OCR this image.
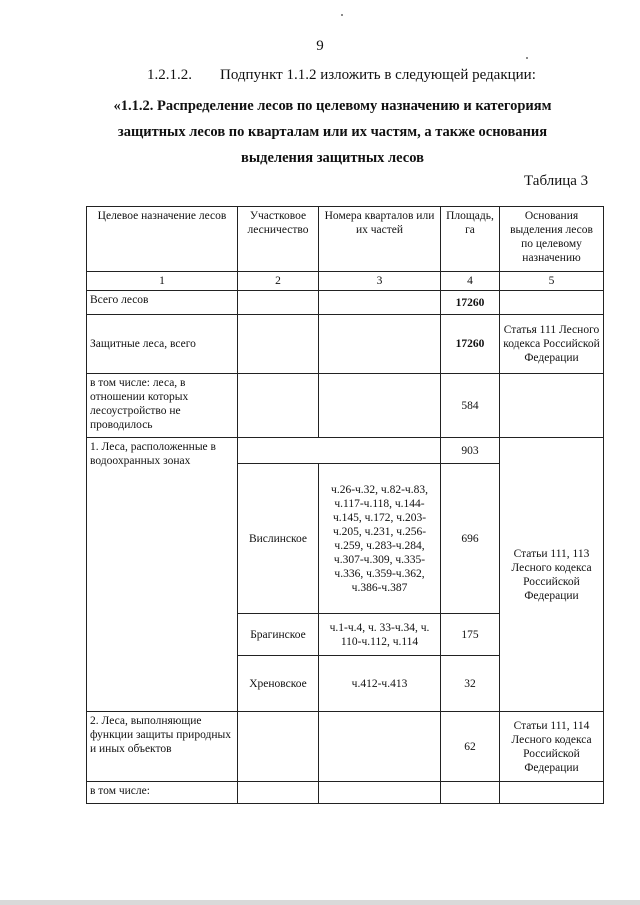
9
1.2.1.2. Подпункт 1.1.2 изложить в следующей редакции:
«1.1.2. Распределение лесов по целевому назначению и категориям
защитных лесов по кварталам или их частям, а также основания
выделения защитных лесов
Таблица 3
Целевое назначение лесов	Участковое лесничество	Номера кварталов или их частей	Площадь, га	Основания выделения лесов по целевому назначению
1	2	3	4	5
Всего лесов			17260	
Защитные леса, всего			17260	Статья 111 Лесного кодекса Российской Федерации
в том числе: леса, в отношении которых лесоустройство не проводилось			584	
1. Леса, расположенные в водоохранных зонах			903	Статьи 111, 113 Лесного кодекса Российской Федерации
	Вислинское	ч.26-ч.32, ч.82-ч.83, ч.117-ч.118, ч.144-ч.145, ч.172, ч.203-ч.205, ч.231, ч.256-ч.259, ч.283-ч.284, ч.307-ч.309, ч.335-ч.336, ч.359-ч.362, ч.386-ч.387	696	
	Брагинское	ч.1-ч.4, ч. 33-ч.34, ч. 110-ч.112, ч.114	175	
	Хреновское	ч.412-ч.413	32	
2. Леса, выполняющие функции защиты природных и иных объектов			62	Статьи 111, 114 Лесного кодекса Российской Федерации
в том числе:				
